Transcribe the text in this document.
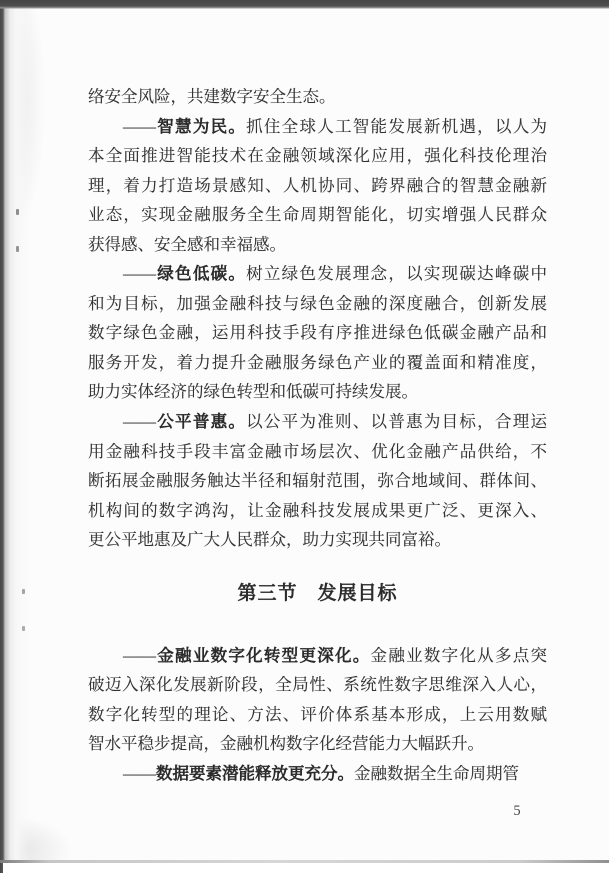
络安全风险，共建数字安全生态。

——智慧为民。抓住全球人工智能发展新机遇，以人为

本全面推进智能技术在金融领域深化应用，强化科技伦理治

理，着力打造场景感知、人机协同、跨界融合的智慧金融新

业态，实现金融服务全生命周期智能化，切实增强人民群众

获得感、安全感和幸福感。

——绿色低碳。树立绿色发展理念，以实现碳达峰碳中

和为目标，加强金融科技与绿色金融的深度融合，创新发展

数字绿色金融，运用科技手段有序推进绿色低碳金融产品和

服务开发，着力提升金融服务绿色产业的覆盖面和精准度，

助力实体经济的绿色转型和低碳可持续发展。

——公平普惠。以公平为准则、以普惠为目标，合理运

用金融科技手段丰富金融市场层次、优化金融产品供给，不

断拓展金融服务触达半径和辐射范围，弥合地域间、群体间、

机构间的数字鸿沟，让金融科技发展成果更广泛、更深入、

更公平地惠及广大人民群众，助力实现共同富裕。

第三节　发展目标

——金融业数字化转型更深化。金融业数字化从多点突

破迈入深化发展新阶段，全局性、系统性数字思维深入人心，

数字化转型的理论、方法、评价体系基本形成，上云用数赋

智水平稳步提高，金融机构数字化经营能力大幅跃升。

——数据要素潜能释放更充分。金融数据全生命周期管

5
